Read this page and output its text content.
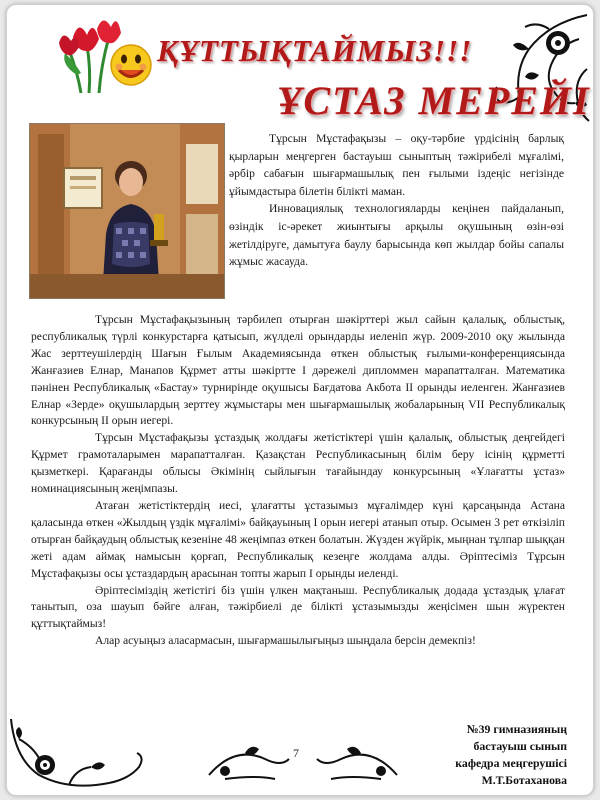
ҚҰТТЫҚТАЙМЫЗ!!!
ҰСТАЗ МЕРЕЙІ

Тұрсын Мұстафақызы – оқу-тәрбие үрдісінің барлық қырларын меңгерген бастауыш сыныптың тәжірибелі мұғалімі, әрбір сабағын шығармашылық пен ғылыми іздеңіс негізінде ұйымдастыра білетін білікті маман.

Инновациялық технологияларды кеңінен пайдаланып, өзіндік іс-әрекет жиынтығы арқылы оқушының өзін-өзі жетілдіруге, дамытуға баулу барысында көп жылдар бойы сапалы жұмыс жасауда.

Тұрсын Мұстафақызының тәрбилеп отырған шәкірттері жыл сайын қалалық, облыстық, республикалық түрлі конкурстарға қатысып, жүлделі орындарды иеленіп жүр. 2009-2010 оқу жылында Жас зерттеушілердің Шағын Ғылым Академиясында өткен облыстық ғылыми-конференциясында Жанғазиев Елнар, Манапов Құрмет атты шәкіртте І дәрежелі дипломмен марапатталған. Математика пәнінен Республикалық «Бастау» турнирінде оқушысы Бағдатова Акбота ІІ орынды иеленген. Жанғазиев Елнар «Зерде» оқушылардың зерттеу жұмыстары мен шығармашылық жобаларының VІІ Республикалық конкурсының ІІ орын иегері.

Тұрсын Мұстафақызы ұстаздық жолдағы жетістіктері үшін қалалық, облыстық деңгейдегі Құрмет грамоталарымен марапатталған. Қазақстан Республикасының білім беру ісінің құрметті қызметкері. Қарағанды облысы Әкімінің сыйлығын тағайындау конкурсының «Ұлағатты ұстаз» номинациясының жеңімпазы.

Атаған жетістіктердің иесі, ұлағатты ұстазымыз мұғалімдер күні қарсаңында Астана қаласында өткен «Жылдың үздік мұғалімі» байқауының І орын иегері атанып отыр. Осымен 3 рет өткізіліп отырған байқаудың облыстық кезеніне 48 жеңімпаз өткен болатын. Жүзден жүйрік, мыңнан тұлпар шыққан жеті адам аймақ намысын қорғап, Республикалық кезеңге жолдама алды. Әріптесіміз Тұрсын Мұстафақызы осы ұстаздардың арасынан топты жарып І орынды иеленді.

Әріптесіміздің жетістігі біз үшін үлкен мақтаныш. Республикалық додада ұстаздық ұлағат танытып, оза шауып бәйге алған, тәжірбиелі де білікті ұстазымызды жеңісімен шын жүректен құттықтаймыз!

Алар асуыңыз аласармасын, шығармашылығыңыз шыңдала берсін демекпіз!

7
№39 гимназияның
бастауыш сынып
кафедра меңгерушісі
М.Т.Ботаханова
